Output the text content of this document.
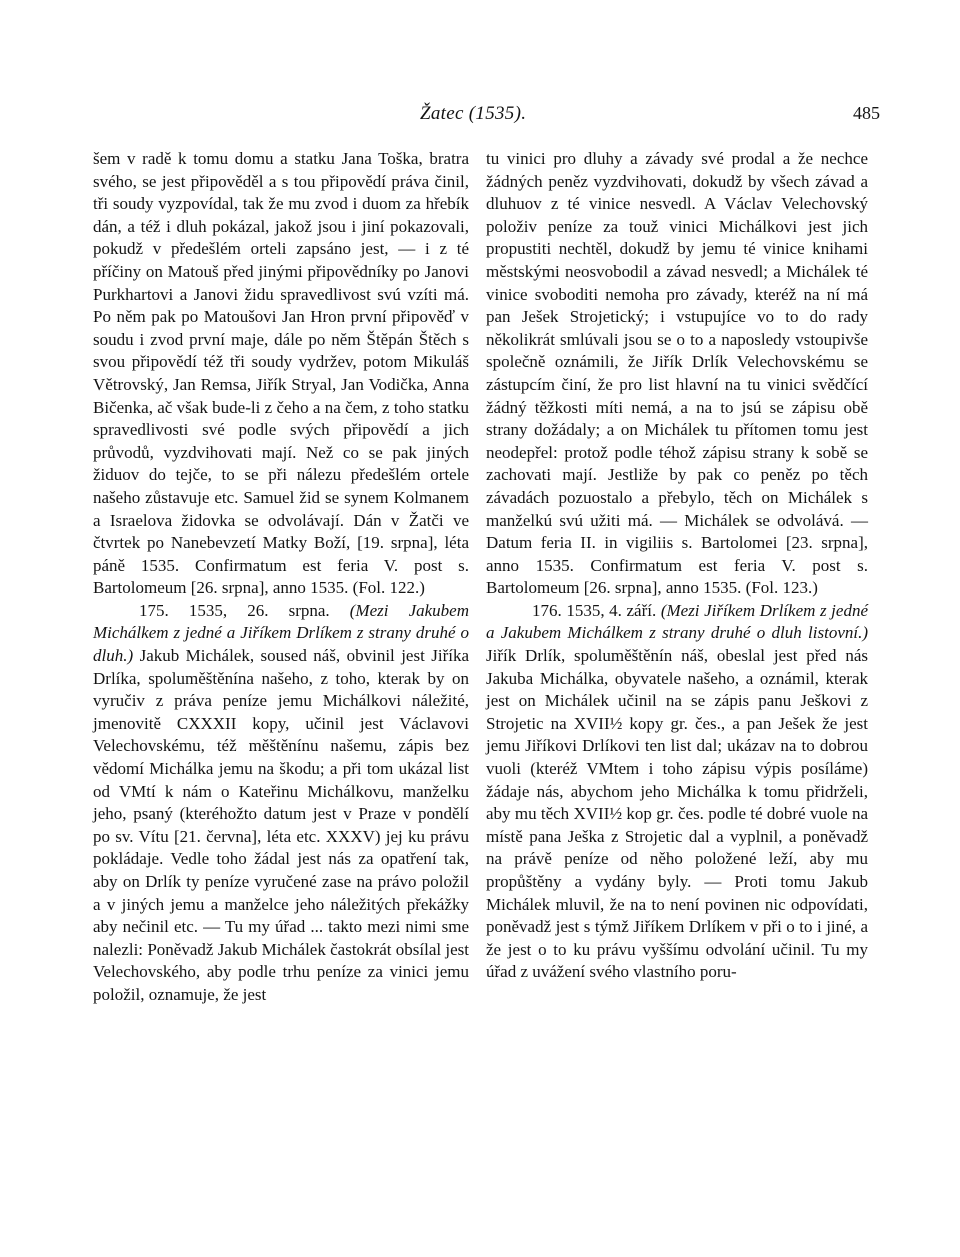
Žatec (1535).	485

šem v radě k tomu domu a statku Jana Toška, bratra svého, se jest připověděl a s tou připovědí práva činil, tři soudy vyzpovídal, tak že mu zvod i duom za hřebík dán, a též i dluh pokázal, jakož jsou i jiní pokazovali, pokudž v předešlém orteli zapsáno jest, — i z té příčiny on Matouš před jinými připovědníky po Janovi Purkhartovi a Janovi židu spravedlivost svú vzíti má. Po něm pak po Matoušovi Jan Hron první připověď v soudu i zvod první maje, dále po něm Štěpán Štěch s svou připovědí též tři soudy vydržev, potom Mikuláš Větrovský, Jan Remsa, Jiřík Stryal, Jan Vodička, Anna Bičenka, ač však bude-li z čeho a na čem, z toho statku spravedlivosti své podle svých připovědí a jich průvodů, vyzdvihovati mají. Než co se pak jiných židuov do tejče, to se při nálezu předešlém ortele našeho zůstavuje etc. Samuel žid se synem Kolmanem a Israelova židovka se odvolávají. Dán v Žatči ve čtvrtek po Nanebevzetí Matky Boží, [19. srpna], léta páně 1535. Confirmatum est feria V. post s. Bartolomeum [26. srpna], anno 1535. (Fol. 122.)

175. 1535, 26. srpna. (Mezi Jakubem Michálkem z jedné a Jiříkem Drlíkem z strany druhé o dluh.) Jakub Michálek, soused náš, obvinil jest Jiříka Drlíka, spoluměštěnína našeho, z toho, kterak by on vyručiv z práva peníze jemu Michálkovi náležité, jmenovitě CXXXII kopy, učinil jest Václavovi Velechovskému, též měštěnínu našemu, zápis bez vědomí Michálka jemu na škodu; a při tom ukázal list od VMtí k nám o Kateřinu Michálkovu, manželku jeho, psaný (kteréhožto datum jest v Praze v pondělí po sv. Vítu [21. června], léta etc. XXXV) jej ku právu pokládaje. Vedle toho žádal jest nás za opatření tak, aby on Drlík ty peníze vyručené zase na právo položil a v jiných jemu a manželce jeho náležitých překážky aby nečinil etc. — Tu my úřad ... takto mezi nimi sme nalezli: Poněvadž Jakub Michálek častokrát obsílal jest Velechovského, aby podle trhu peníze za vinici jemu položil, oznamuje, že jest

tu vinici pro dluhy a závady své prodal a že nechce žádných peněz vyzdvihovati, dokudž by všech závad a dluhuov z té vinice nesvedl. A Václav Velechovský položiv peníze za touž vinici Michálkovi jest jich propustiti nechtěl, dokudž by jemu té vinice knihami městskými neosvobodil a závad nesvedl; a Michálek té vinice svoboditi nemoha pro závady, kteréž na ní má pan Ješek Strojetický; i vstupujíce vo to do rady několikrát smlúvali jsou se o to a naposledy vstoupivše společně oznámili, že Jiřík Drlík Velechovskému se zástupcím činí, že pro list hlavní na tu vinici svědčící žádný těžkosti míti nemá, a na to jsú se zápisu obě strany dožádaly; a on Michálek tu přítomen tomu jest neodepřel: protož podle téhož zápisu strany k sobě se zachovati mají. Jestliže by pak co peněz po těch závadách pozuostalo a přebylo, těch on Michálek s manželkú svú užiti má. — Michálek se odvolává. — Datum feria II. in vigiliis s. Bartolomei [23. srpna], anno 1535. Confirmatum est feria V. post s. Bartolomeum [26. srpna], anno 1535. (Fol. 123.)

176. 1535, 4. září. (Mezi Jiříkem Drlíkem z jedné a Jakubem Michálkem z strany druhé o dluh listovní.) Jiřík Drlík, spoluměštěnín náš, obeslal jest před nás Jakuba Michálka, obyvatele našeho, a oznámil, kterak jest on Michálek učinil na se zápis panu Ješkovi z Strojetic na XVII½ kopy gr. čes., a pan Ješek že jest jemu Jiříkovi Drlíkovi ten list dal; ukázav na to dobrou vuoli (kteréž VMtem i toho zápisu výpis posíláme) žádaje nás, abychom jeho Michálka k tomu přidrželi, aby mu těch XVII½ kop gr. čes. podle té dobré vuole na místě pana Ješka z Strojetic dal a vyplnil, a poněvadž na právě peníze od něho položené leží, aby mu propůštěny a vydány byly. — Proti tomu Jakub Michálek mluvil, že na to není povinen nic odpovídati, poněvadž jest s týmž Jiříkem Drlíkem v při o to i jiné, a že jest o to ku právu vyššímu odvolání učinil. Tu my úřad z uvážení svého vlastního poru-
